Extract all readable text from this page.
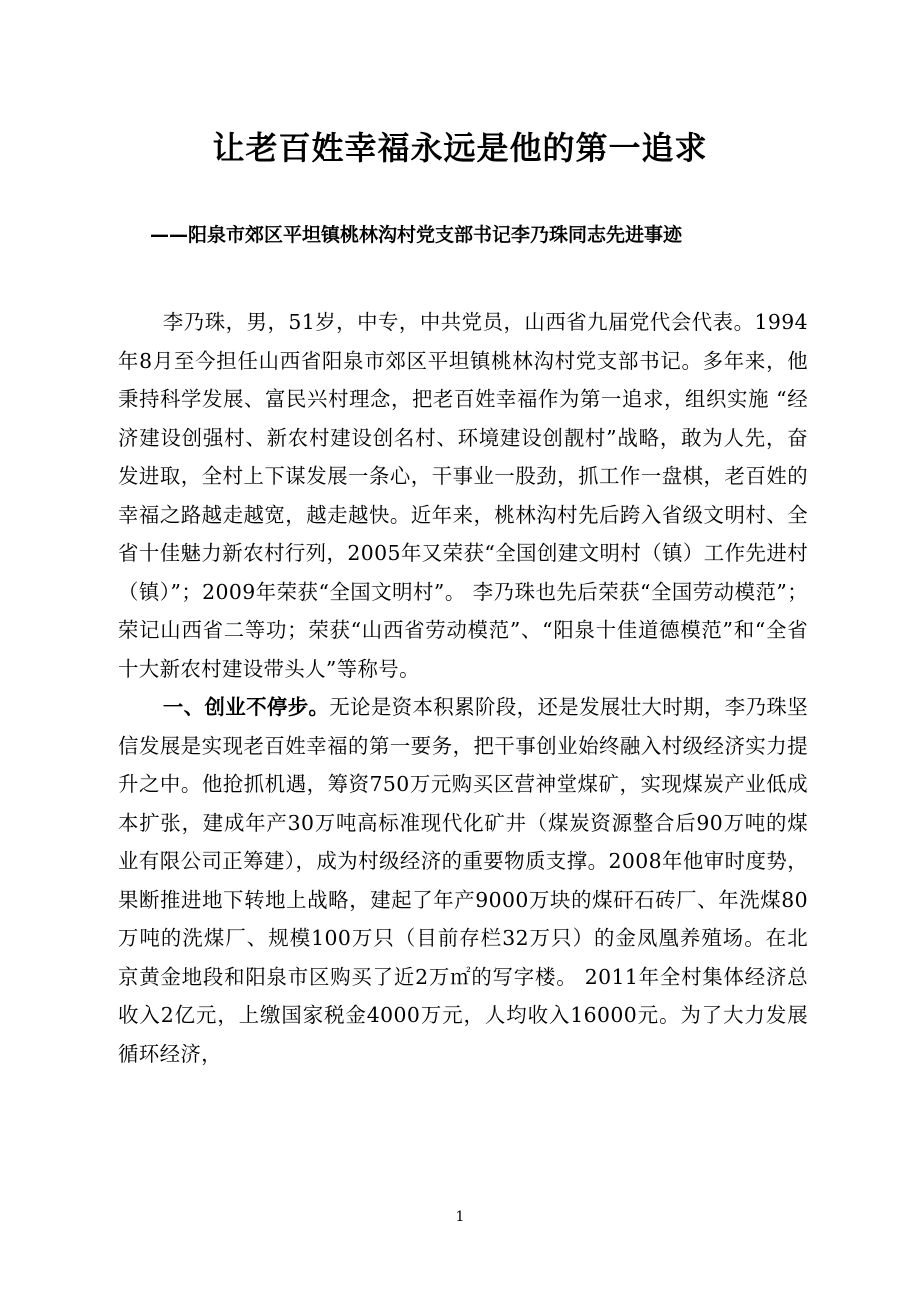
让老百姓幸福永远是他的第一追求
——阳泉市郊区平坦镇桃林沟村党支部书记李乃珠同志先进事迹

李乃珠，男，51岁，中专，中共党员，山西省九届党代会代表。1994年8月至今担任山西省阳泉市郊区平坦镇桃林沟村党支部书记。多年来，他秉持科学发展、富民兴村理念，把老百姓幸福作为第一追求，组织实施 “经济建设创强村、新农村建设创名村、环境建设创靓村”战略，敢为人先，奋发进取，全村上下谋发展一条心，干事业一股劲，抓工作一盘棋，老百姓的幸福之路越走越宽，越走越快。近年来，桃林沟村先后跨入省级文明村、全省十佳魅力新农村行列，2005年又荣获“全国创建文明村（镇）工作先进村（镇）”；2009年荣获“全国文明村”。 李乃珠也先后荣获“全国劳动模范”；荣记山西省二等功；荣获“山西省劳动模范”、“阳泉十佳道德模范”和“全省十大新农村建设带头人”等称号。

一、创业不停步。无论是资本积累阶段，还是发展壮大时期，李乃珠坚信发展是实现老百姓幸福的第一要务，把干事创业始终融入村级经济实力提升之中。他抢抓机遇，筹资750万元购买区营神堂煤矿，实现煤炭产业低成本扩张，建成年产30万吨高标准现代化矿井（煤炭资源整合后90万吨的煤业有限公司正筹建），成为村级经济的重要物质支撑。2008年他审时度势，果断推进地下转地上战略，建起了年产9000万块的煤矸石砖厂、年洗煤80万吨的洗煤厂、规模100万只（目前存栏32万只）的金凤凰养殖场。在北京黄金地段和阳泉市区购买了近2万㎡的写字楼。 2011年全村集体经济总收入2亿元，上缴国家税金4000万元，人均收入16000元。为了大力发展循环经济，

1
